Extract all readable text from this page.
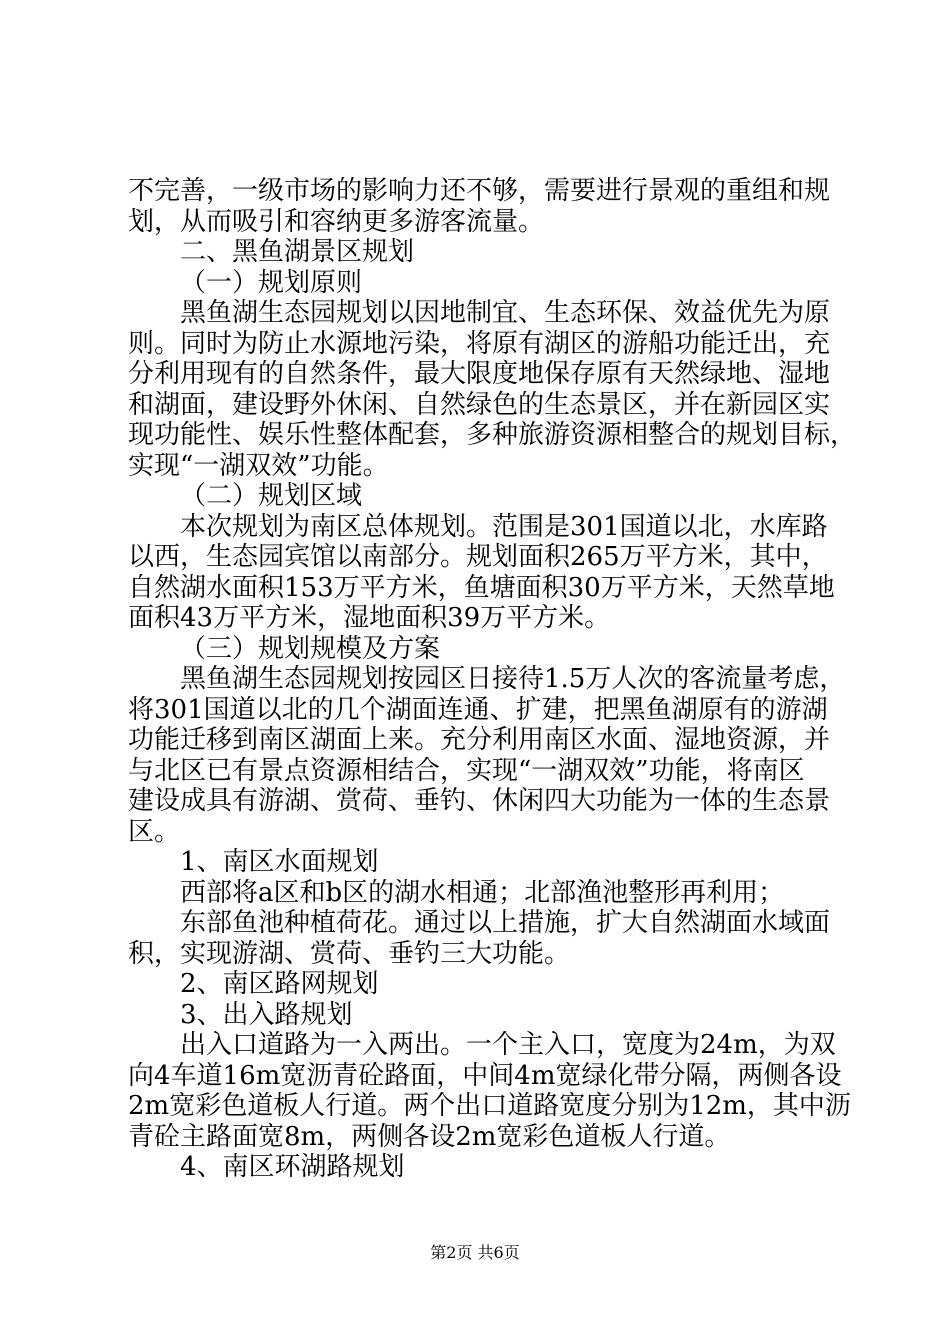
不完善，一级市场的影响力还不够，需要进行景观的重组和规
划，从而吸引和容纳更多游客流量。
二、黑鱼湖景区规划
（一）规划原则
黑鱼湖生态园规划以因地制宜、生态环保、效益优先为原
则。同时为防止水源地污染，将原有湖区的游船功能迁出，充
分利用现有的自然条件，最大限度地保存原有天然绿地、湿地
和湖面，建设野外休闲、自然绿色的生态景区，并在新园区实
现功能性、娱乐性整体配套，多种旅游资源相整合的规划目标，
实现“一湖双效”功能。
（二）规划区域
本次规划为南区总体规划。范围是301国道以北，水库路
以西，生态园宾馆以南部分。规划面积265万平方米，其中，
自然湖水面积153万平方米，鱼塘面积30万平方米，天然草地
面积43万平方米，湿地面积39万平方米。
（三）规划规模及方案
黑鱼湖生态园规划按园区日接待1.5万人次的客流量考虑，
将301国道以北的几个湖面连通、扩建，把黑鱼湖原有的游湖
功能迁移到南区湖面上来。充分利用南区水面、湿地资源，并
与北区已有景点资源相结合，实现“一湖双效”功能，将南区
建设成具有游湖、赏荷、垂钓、休闲四大功能为一体的生态景
区。
1、南区水面规划
西部将a区和b区的湖水相通；北部渔池整形再利用；
东部鱼池种植荷花。通过以上措施，扩大自然湖面水域面
积，实现游湖、赏荷、垂钓三大功能。
2、南区路网规划
3、出入路规划
出入口道路为一入两出。一个主入口，宽度为24m，为双
向4车道16m宽沥青砼路面，中间4m宽绿化带分隔，两侧各设
2m宽彩色道板人行道。两个出口道路宽度分别为12m，其中沥
青砼主路面宽8m，两侧各设2m宽彩色道板人行道。
4、南区环湖路规划
第2页 共6页
